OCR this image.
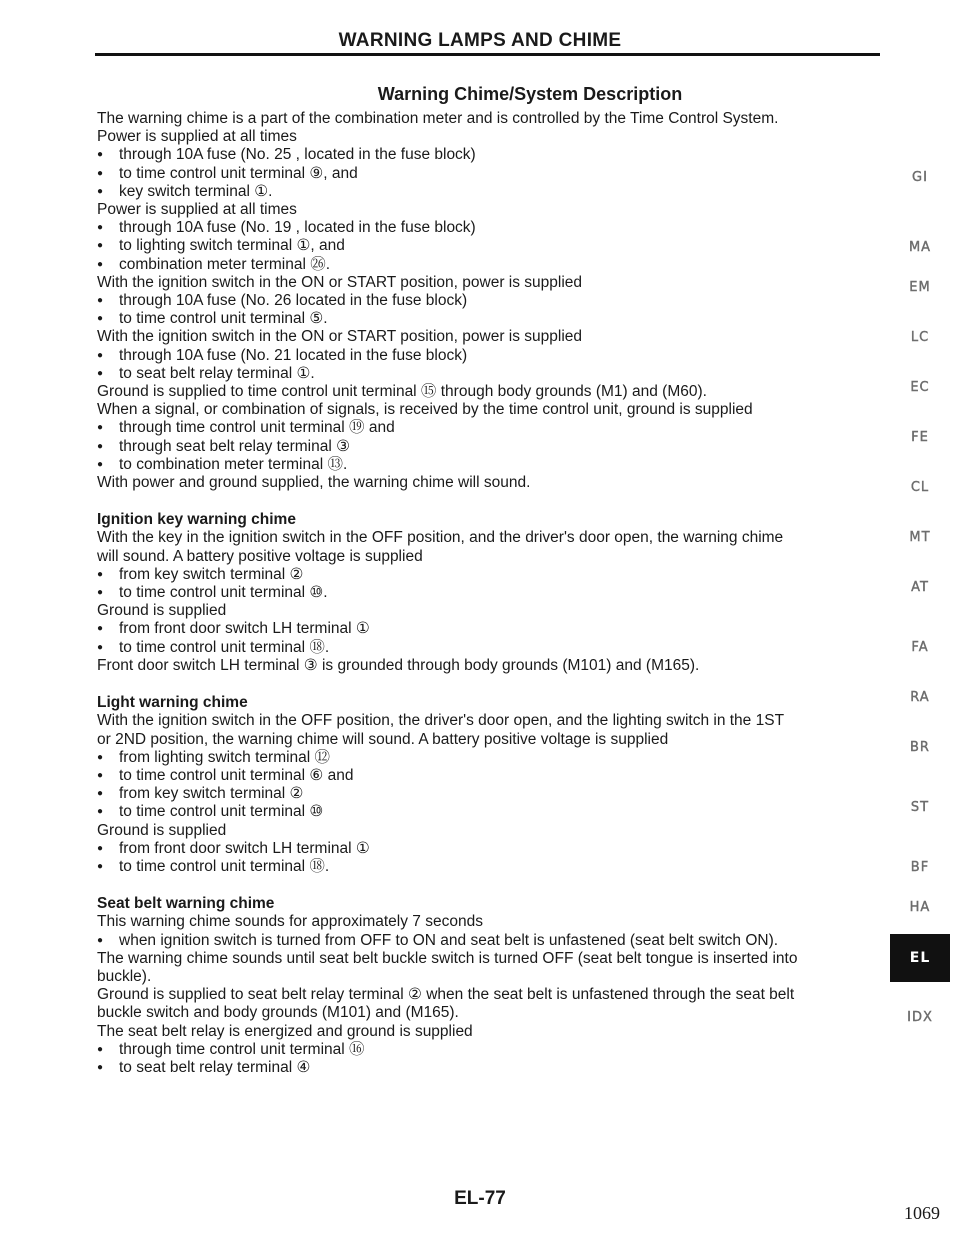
WARNING LAMPS AND CHIME
Warning Chime/System Description
The warning chime is a part of the combination meter and is controlled by the Time Control System.
Power is supplied at all times
● through 10A fuse (No. 25 , located in the fuse block)
● to time control unit terminal ⑨, and
● key switch terminal ①.
Power is supplied at all times
● through 10A fuse (No. 19 , located in the fuse block)
● to lighting switch terminal ①, and
● combination meter terminal ㉖.
With the ignition switch in the ON or START position, power is supplied
● through 10A fuse (No. 26 located in the fuse block)
● to time control unit terminal ⑤.
With the ignition switch in the ON or START position, power is supplied
● through 10A fuse (No. 21 located in the fuse block)
● to seat belt relay terminal ①.
Ground is supplied to time control unit terminal ⑮ through body grounds (M1) and (M60).
When a signal, or combination of signals, is received by the time control unit, ground is supplied
● through time control unit terminal ⑲ and
● through seat belt relay terminal ③
● to combination meter terminal ⑬.
With power and ground supplied, the warning chime will sound.
Ignition key warning chime
With the key in the ignition switch in the OFF position, and the driver's door open, the warning chime
will sound. A battery positive voltage is supplied
● from key switch terminal ②
● to time control unit terminal ⑩.
Ground is supplied
● from front door switch LH terminal ①
● to time control unit terminal ⑱.
Front door switch LH terminal ③ is grounded through body grounds (M101) and (M165).
Light warning chime
With the ignition switch in the OFF position, the driver's door open, and the lighting switch in the 1ST
or 2ND position, the warning chime will sound. A battery positive voltage is supplied
● from lighting switch terminal ⑫
● to time control unit terminal ⑥ and
● from key switch terminal ②
● to time control unit terminal ⑩
Ground is supplied
● from front door switch LH terminal ①
● to time control unit terminal ⑱.
Seat belt warning chime
This warning chime sounds for approximately 7 seconds
● when ignition switch is turned from OFF to ON and seat belt is unfastened (seat belt switch ON).
The warning chime sounds until seat belt buckle switch is turned OFF (seat belt tongue is inserted into
buckle).
Ground is supplied to seat belt relay terminal ② when the seat belt is unfastened through the seat belt
buckle switch and body grounds (M101) and (M165).
The seat belt relay is energized and ground is supplied
● through time control unit terminal ⑯
● to seat belt relay terminal ④
GI
MA
EM
LC
EC
FE
CL
MT
AT
FA
RA
BR
ST
BF
HA
EL
IDX
EL-77
1069
